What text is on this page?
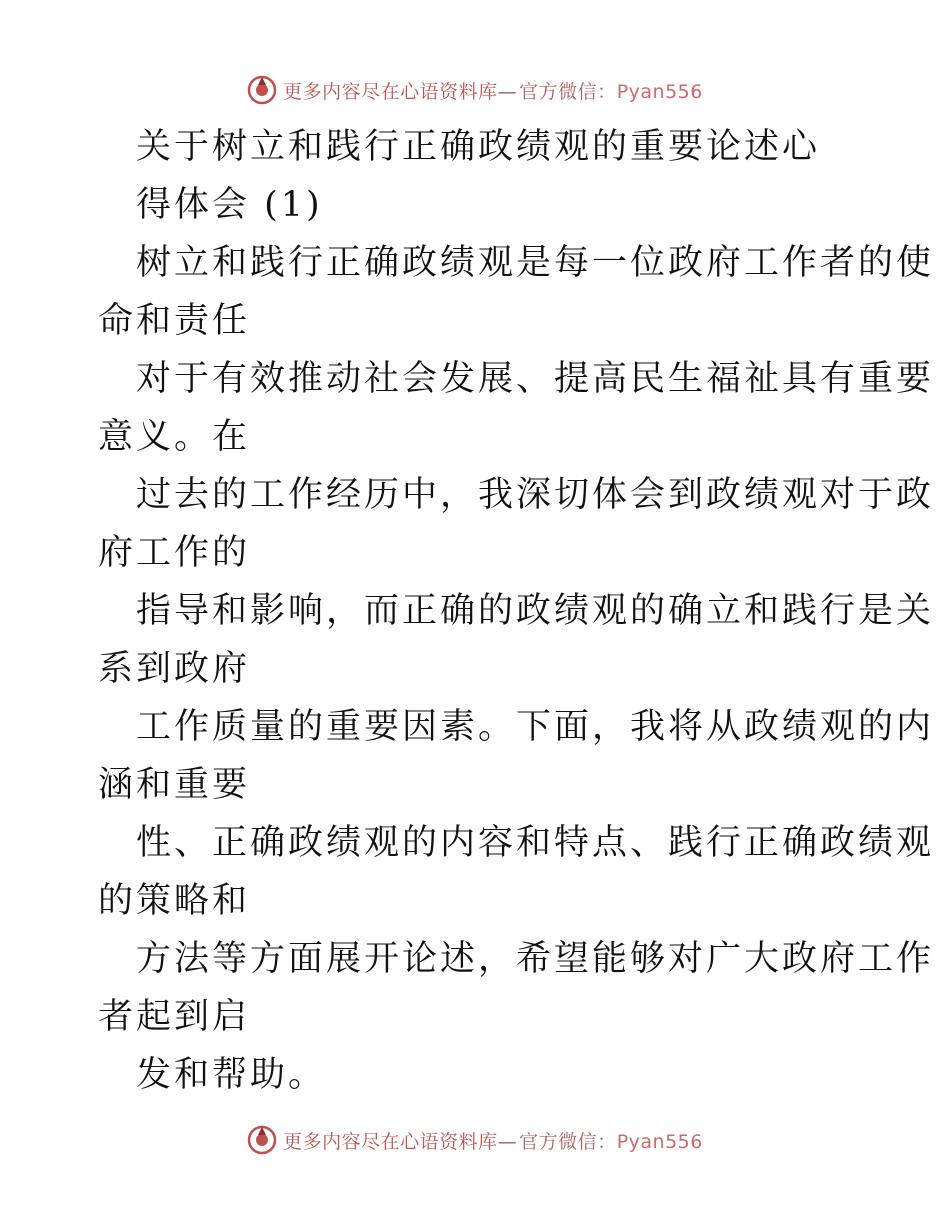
更多内容尽在心语资料库— 官方微信：Pyan556

关于树立和践行正确政绩观的重要论述心

得体会 (1)

树立和践行正确政绩观是每一位政府工作者的使
命和责任

对于有效推动社会发展、提高民生福祉具有重要
意义。在

过去的工作经历中，我深切体会到政绩观对于政
府工作的

指导和影响，而正确的政绩观的确立和践行是关
系到政府

工作质量的重要因素。下面，我将从政绩观的内
涵和重要

性、正确政绩观的内容和特点、践行正确政绩观
的策略和

方法等方面展开论述，希望能够对广大政府工作
者起到启

发和帮助。

更多内容尽在心语资料库— 官方微信：Pyan556
